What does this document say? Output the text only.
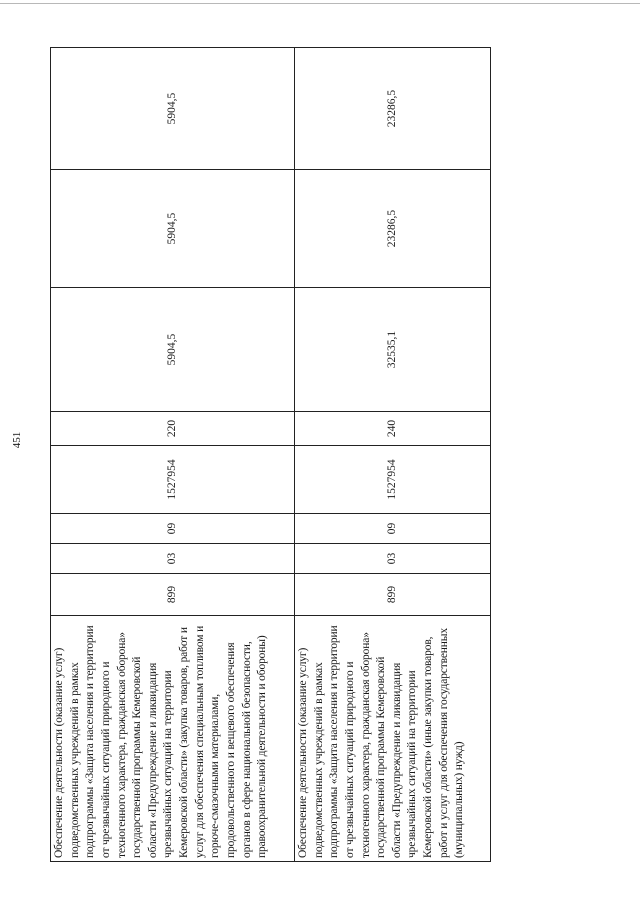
451
Обеспечение деятельности (оказание услуг) подведомственных учреждений в рамках подпрограммы «Защита населения и территории от чрезвычайных ситуаций природного и техногенного характера, гражданская оборона» государственной программы Кемеровской области «Предупреждение и ликвидация чрезвычайных ситуаций на территории Кемеровской области» (закупка товаров, работ и услуг для обеспечения специальным топливом и горюче-смазочными материалами, продовольственного и вещевого обеспечения органов в сфере национальной безопасности, правоохранительной деятельности и обороны)	899	03	09	1527954	220	5904,5	5904,5	5904,5
Обеспечение деятельности (оказание услуг) подведомственных учреждений в рамках подпрограммы «Защита населения и территории от чрезвычайных ситуаций природного и техногенного характера, гражданская оборона» государственной программы Кемеровской области «Предупреждение и ликвидация чрезвычайных ситуаций на территории Кемеровской области» (иные закупки товаров, работ и услуг для обеспечения государственных (муниципальных) нужд)	899	03	09	1527954	240	32535,1	23286,5	23286,5
